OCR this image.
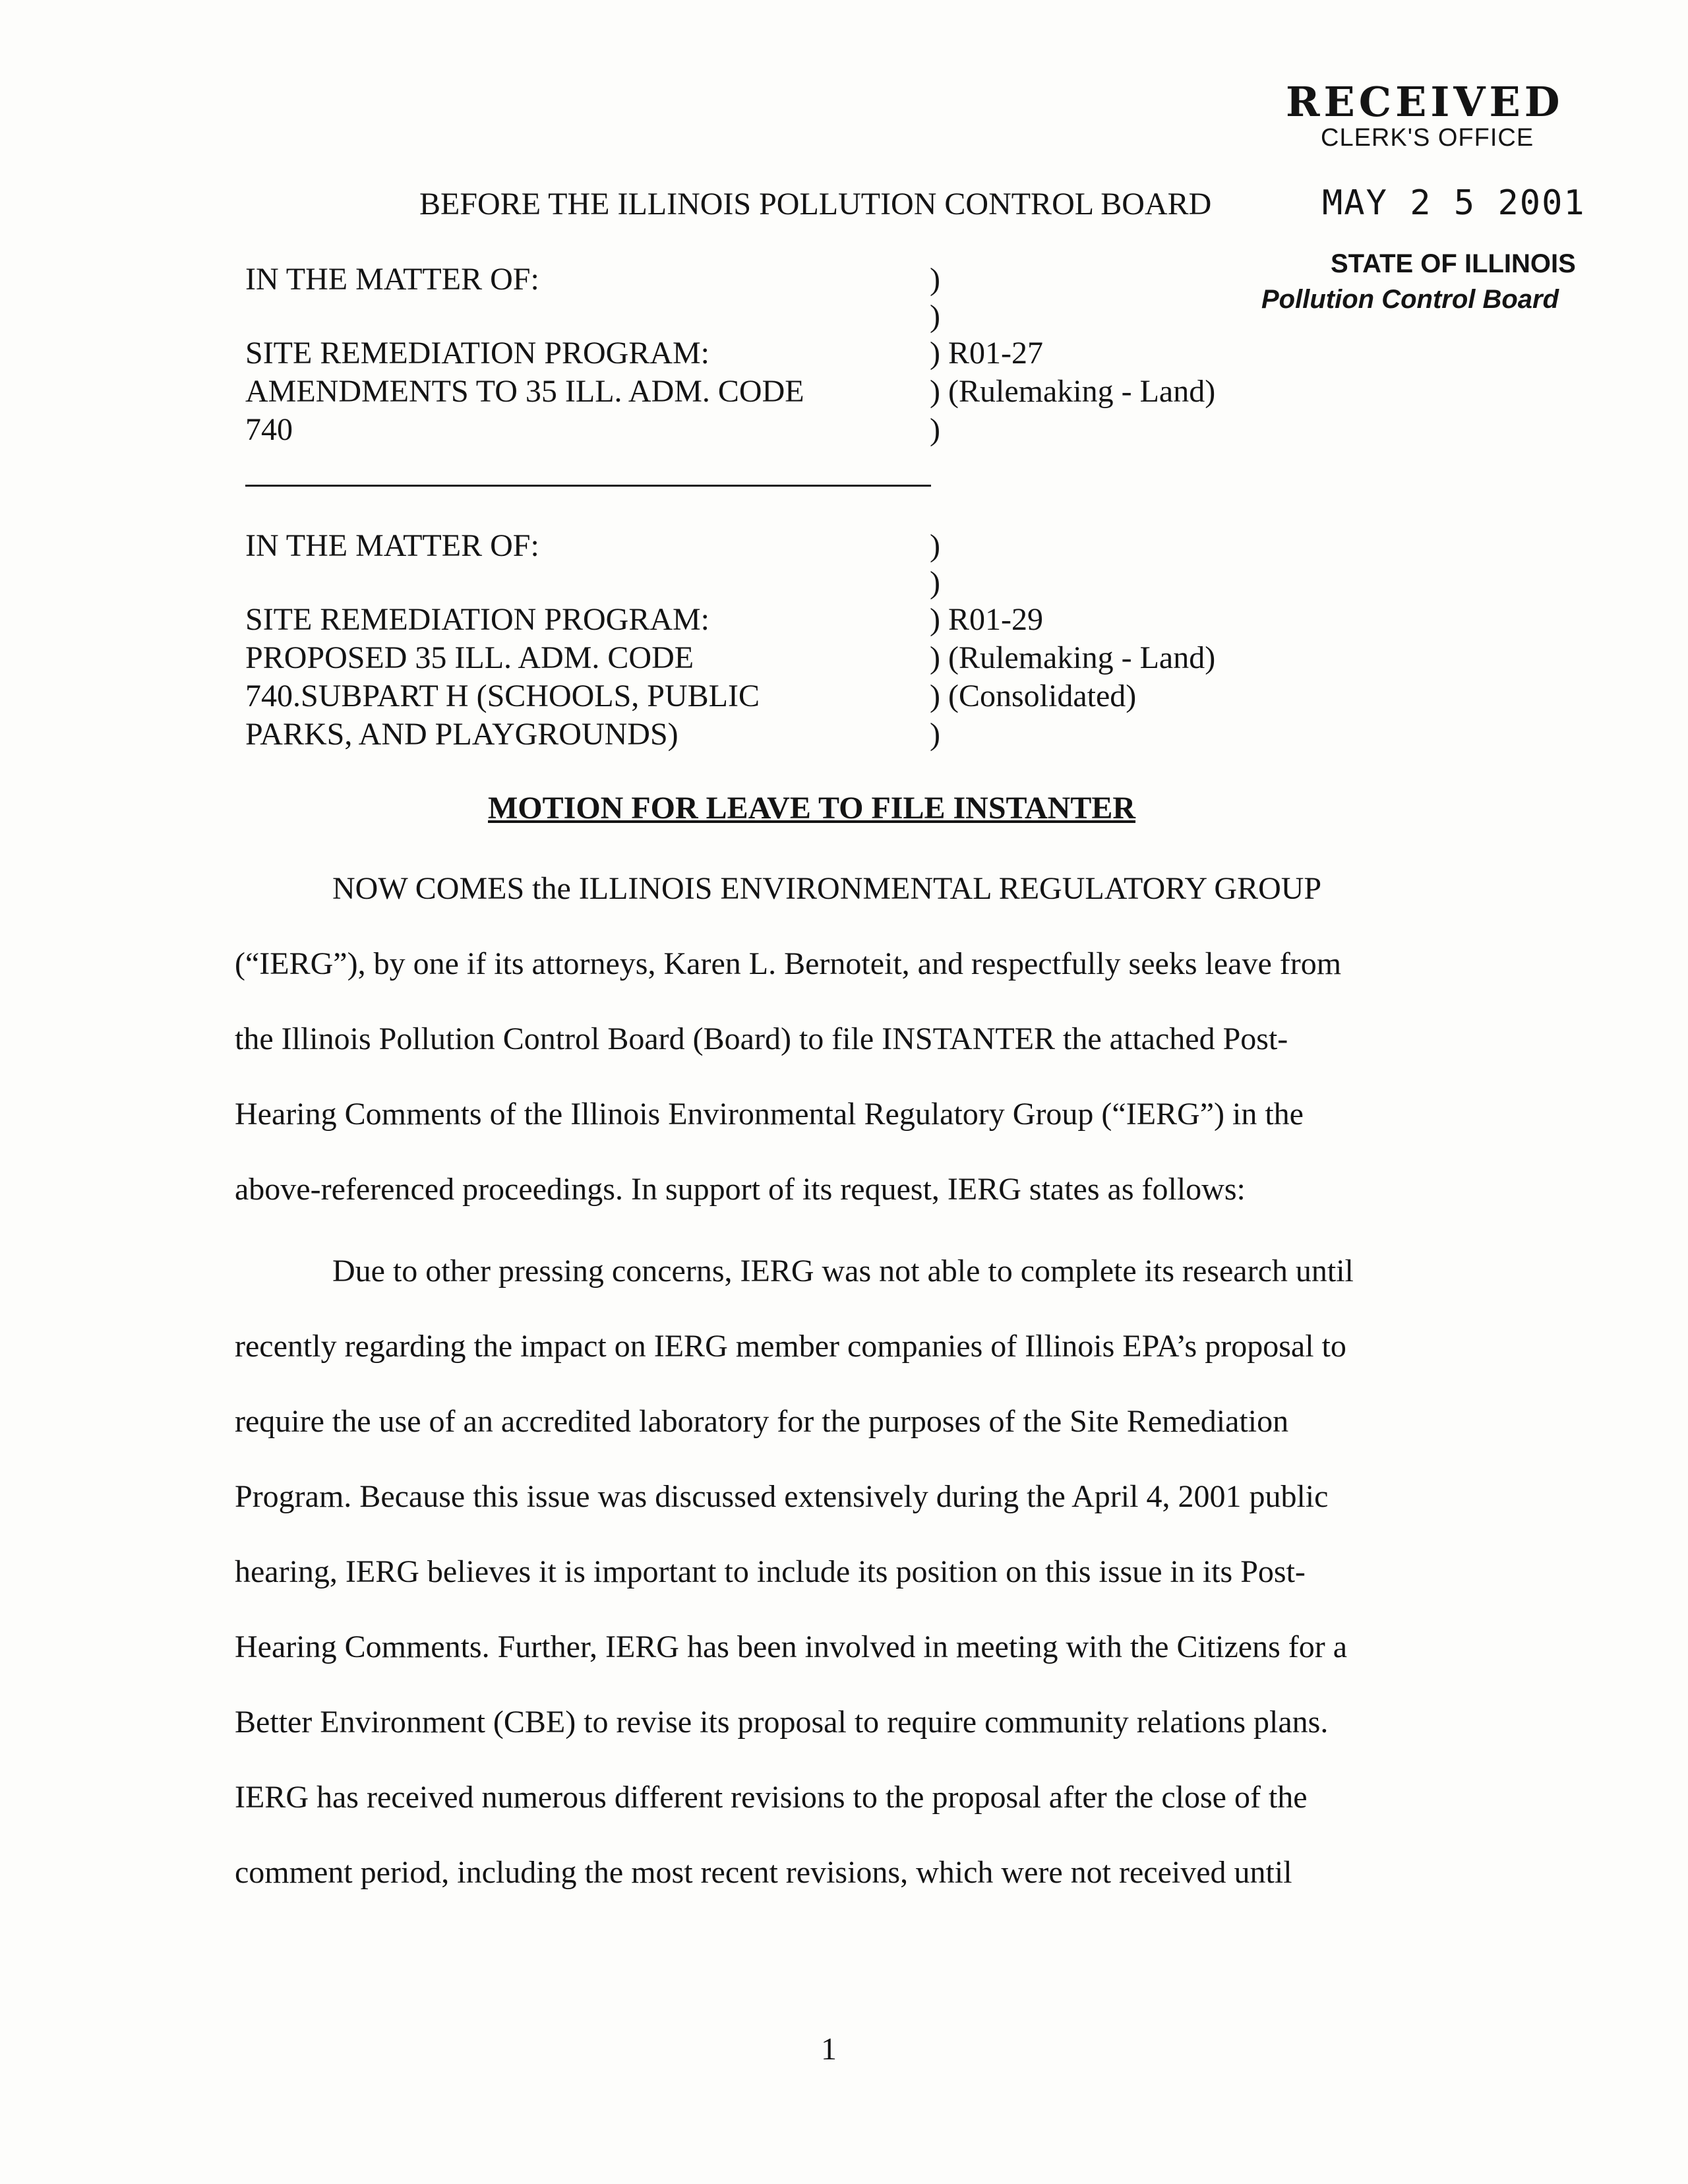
RECEIVED
CLERK'S OFFICE
MAY 2 5 2001
STATE OF ILLINOIS
Pollution Control Board
BEFORE THE ILLINOIS POLLUTION CONTROL BOARD
IN THE MATTER OF:
SITE REMEDIATION PROGRAM:
AMENDMENTS TO 35 ILL. ADM. CODE
740
)
)
) R01-27
) (Rulemaking - Land)
)
IN THE MATTER OF:
SITE REMEDIATION PROGRAM:
PROPOSED 35 ILL. ADM. CODE
740.SUBPART H (SCHOOLS, PUBLIC
PARKS, AND PLAYGROUNDS)
)
)
) R01-29
) (Rulemaking - Land)
) (Consolidated)
)
MOTION FOR LEAVE TO FILE INSTANTER
NOW COMES the ILLINOIS ENVIRONMENTAL REGULATORY GROUP
(“IERG”), by one if its attorneys, Karen L. Bernoteit, and respectfully seeks leave from
the Illinois Pollution Control Board (Board) to file INSTANTER the attached Post-
Hearing Comments of the Illinois Environmental Regulatory Group (“IERG”) in the
above-referenced proceedings. In support of its request, IERG states as follows:
Due to other pressing concerns, IERG was not able to complete its research until
recently regarding the impact on IERG member companies of Illinois EPA’s proposal to
require the use of an accredited laboratory for the purposes of the Site Remediation
Program. Because this issue was discussed extensively during the April 4, 2001 public
hearing, IERG believes it is important to include its position on this issue in its Post-
Hearing Comments. Further, IERG has been involved in meeting with the Citizens for a
Better Environment (CBE) to revise its proposal to require community relations plans.
IERG has received numerous different revisions to the proposal after the close of the
comment period, including the most recent revisions, which were not received until
1
